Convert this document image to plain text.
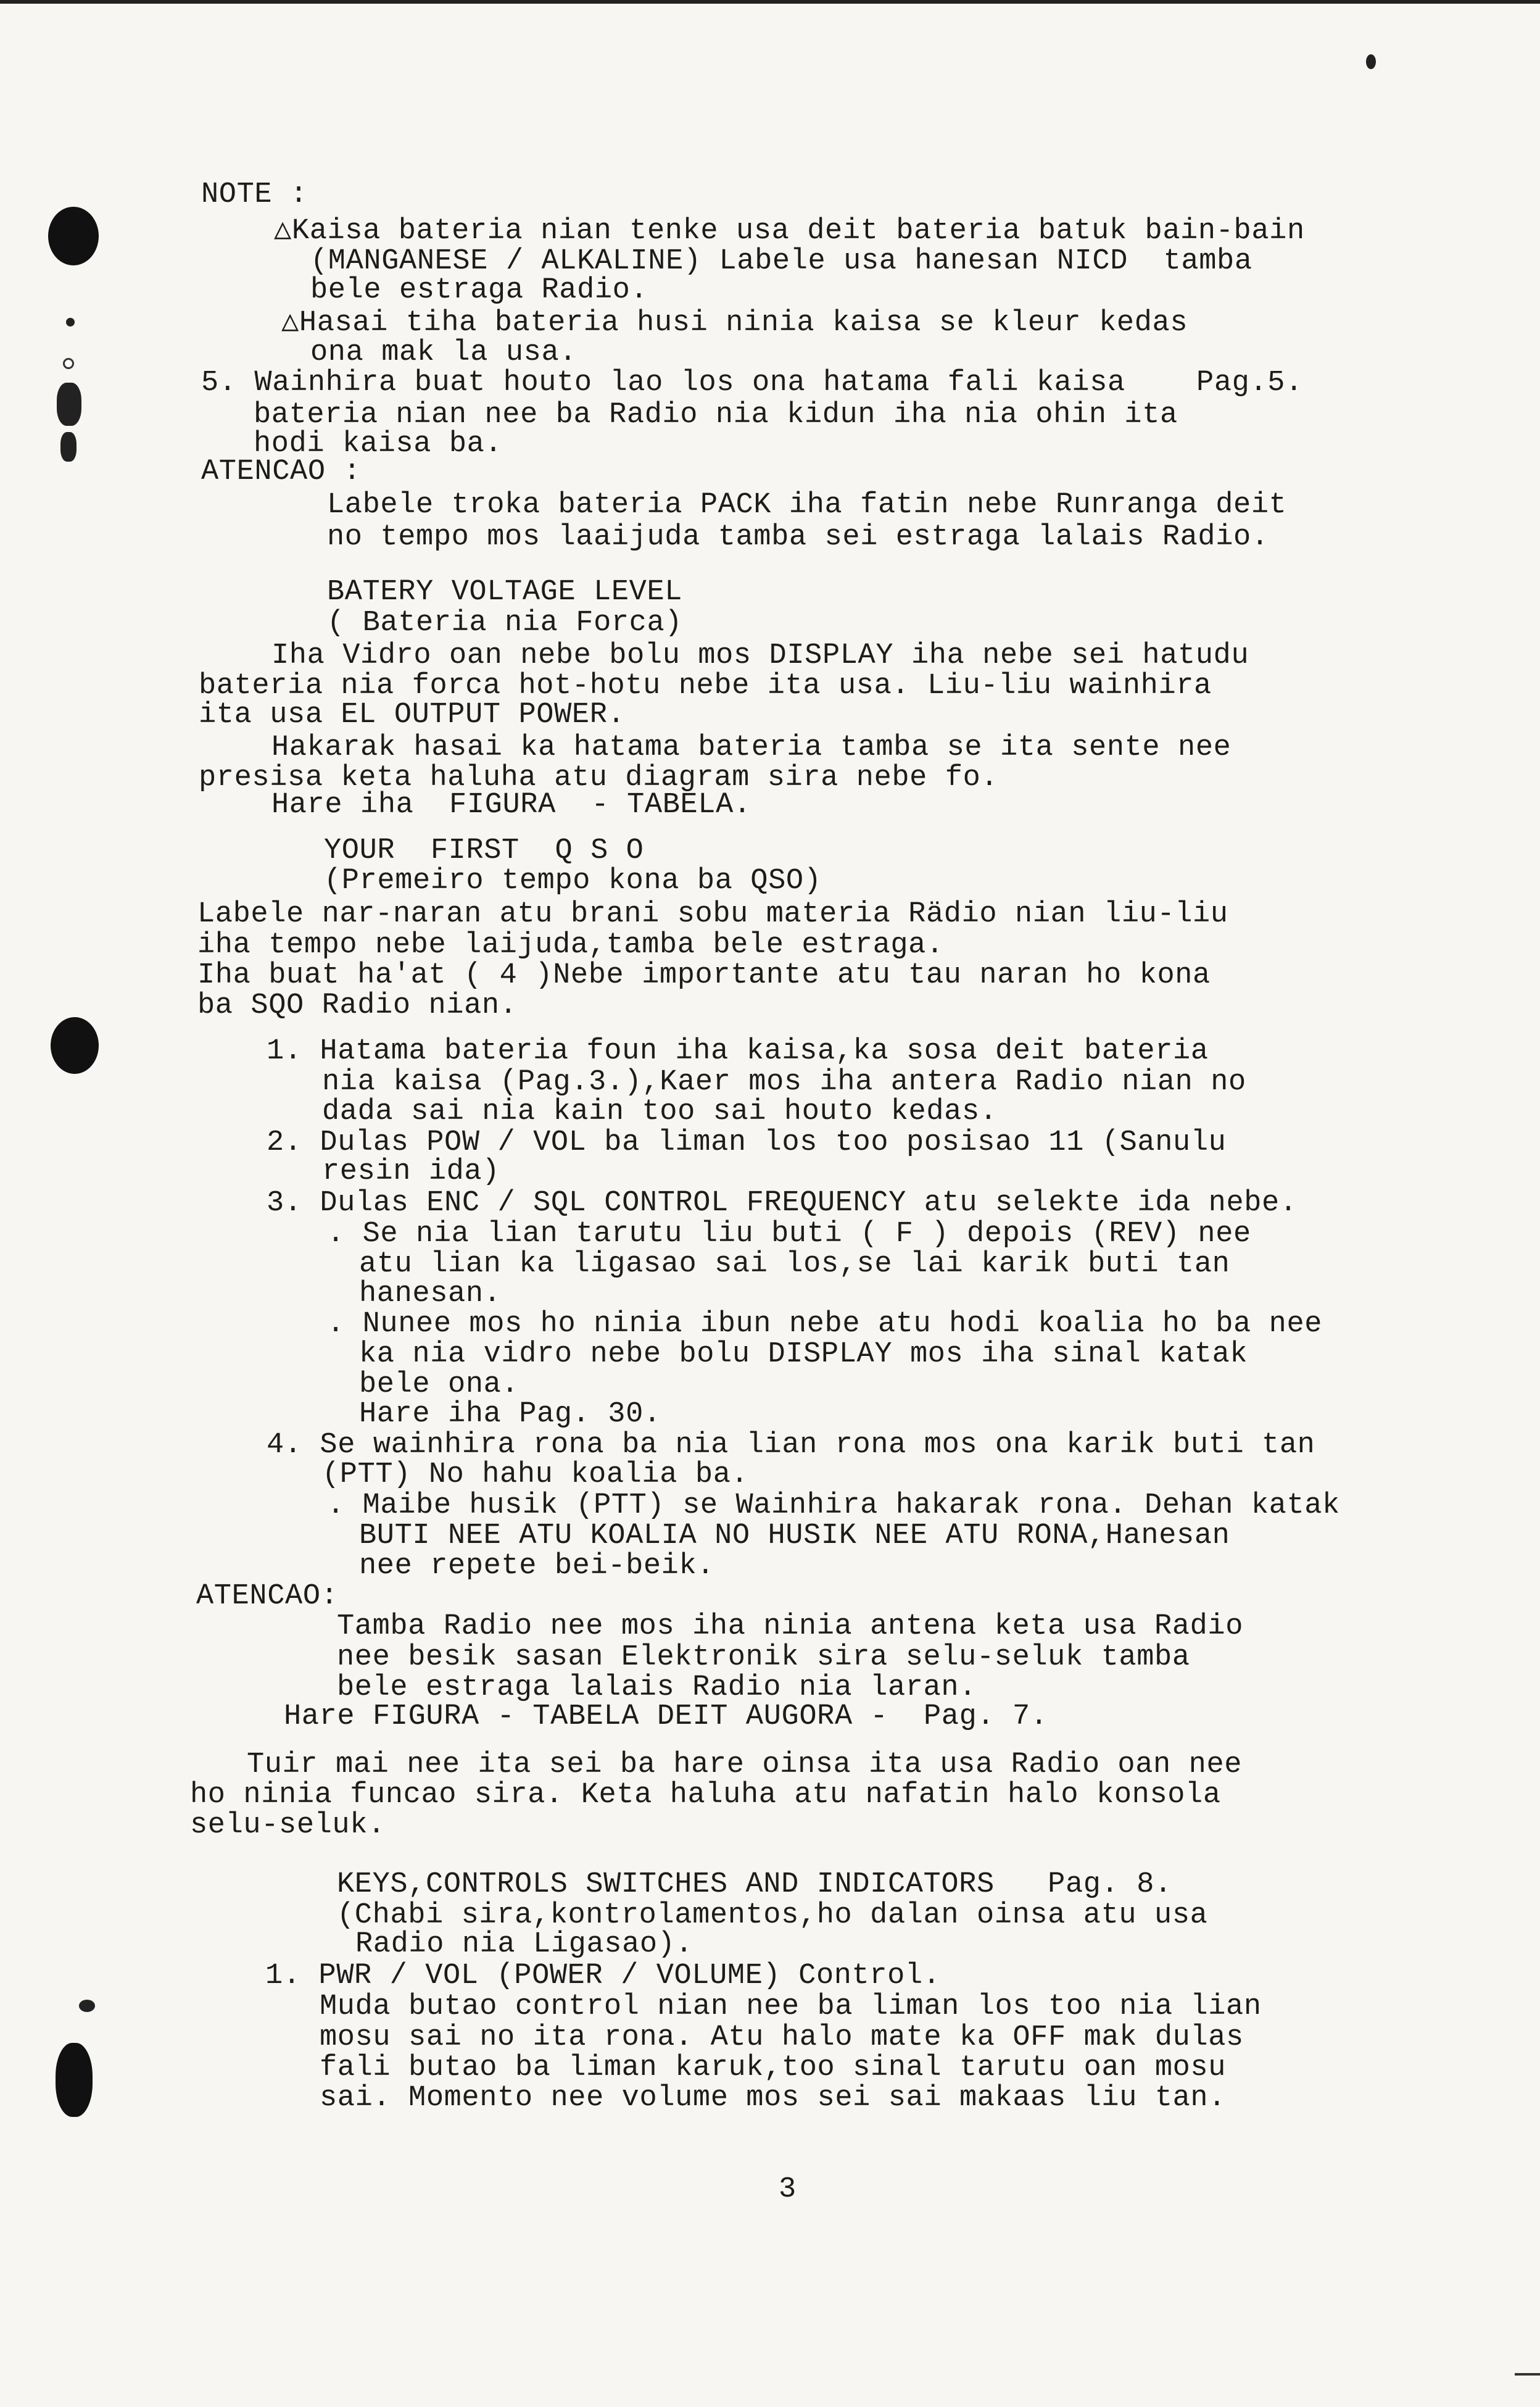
NOTE :
△Kaisa bateria nian tenke usa deit bateria batuk bain-bain
(MANGANESE / ALKALINE) Labele usa hanesan NICD  tamba
bele estraga Radio.
△Hasai tiha bateria husi ninia kaisa se kleur kedas
ona mak la usa.
5. Wainhira buat houto lao los ona hatama fali kaisa    Pag.5.
bateria nian nee ba Radio nia kidun iha nia ohin ita
hodi kaisa ba.
ATENCAO :
Labele troka bateria PACK iha fatin nebe Runranga deit
no tempo mos laaijuda tamba sei estraga lalais Radio.
BATERY VOLTAGE LEVEL
( Bateria nia Forca)
Iha Vidro oan nebe bolu mos DISPLAY iha nebe sei hatudu
bateria nia forca hot-hotu nebe ita usa. Liu-liu wainhira
ita usa EL OUTPUT POWER.
Hakarak hasai ka hatama bateria tamba se ita sente nee
presisa keta haluha atu diagram sira nebe fo.
Hare iha  FIGURA  - TABELA.
YOUR  FIRST  Q S O
(Premeiro tempo kona ba QSO)
Labele nar-naran atu brani sobu materia Rädio nian liu-liu
iha tempo nebe laijuda,tamba bele estraga.
Iha buat ha'at ( 4 )Nebe importante atu tau naran ho kona
ba SQO Radio nian.
1. Hatama bateria foun iha kaisa,ka sosa deit bateria
nia kaisa (Pag.3.),Kaer mos iha antera Radio nian no
dada sai nia kain too sai houto kedas.
2. Dulas POW / VOL ba liman los too posisao 11 (Sanulu
resin ida)
3. Dulas ENC / SQL CONTROL FREQUENCY atu selekte ida nebe.
. Se nia lian tarutu liu buti ( F ) depois (REV) nee
atu lian ka ligasao sai los,se lai karik buti tan
hanesan.
. Nunee mos ho ninia ibun nebe atu hodi koalia ho ba nee
ka nia vidro nebe bolu DISPLAY mos iha sinal katak
bele ona.
Hare iha Pag. 30.
4. Se wainhira rona ba nia lian rona mos ona karik buti tan
(PTT) No hahu koalia ba.
. Maibe husik (PTT) se Wainhira hakarak rona. Dehan katak
BUTI NEE ATU KOALIA NO HUSIK NEE ATU RONA,Hanesan
nee repete bei-beik.
ATENCAO:
Tamba Radio nee mos iha ninia antena keta usa Radio
nee besik sasan Elektronik sira selu-seluk tamba
bele estraga lalais Radio nia laran.
Hare FIGURA - TABELA DEIT AUGORA -  Pag. 7.
Tuir mai nee ita sei ba hare oinsa ita usa Radio oan nee
ho ninia funcao sira. Keta haluha atu nafatin halo konsola
selu-seluk.
KEYS,CONTROLS SWITCHES AND INDICATORS   Pag. 8.
(Chabi sira,kontrolamentos,ho dalan oinsa atu usa
Radio nia Ligasao).
1. PWR / VOL (POWER / VOLUME) Control.
Muda butao control nian nee ba liman los too nia lian
mosu sai no ita rona. Atu halo mate ka OFF mak dulas
fali butao ba liman karuk,too sinal tarutu oan mosu
sai. Momento nee volume mos sei sai makaas liu tan.
3
